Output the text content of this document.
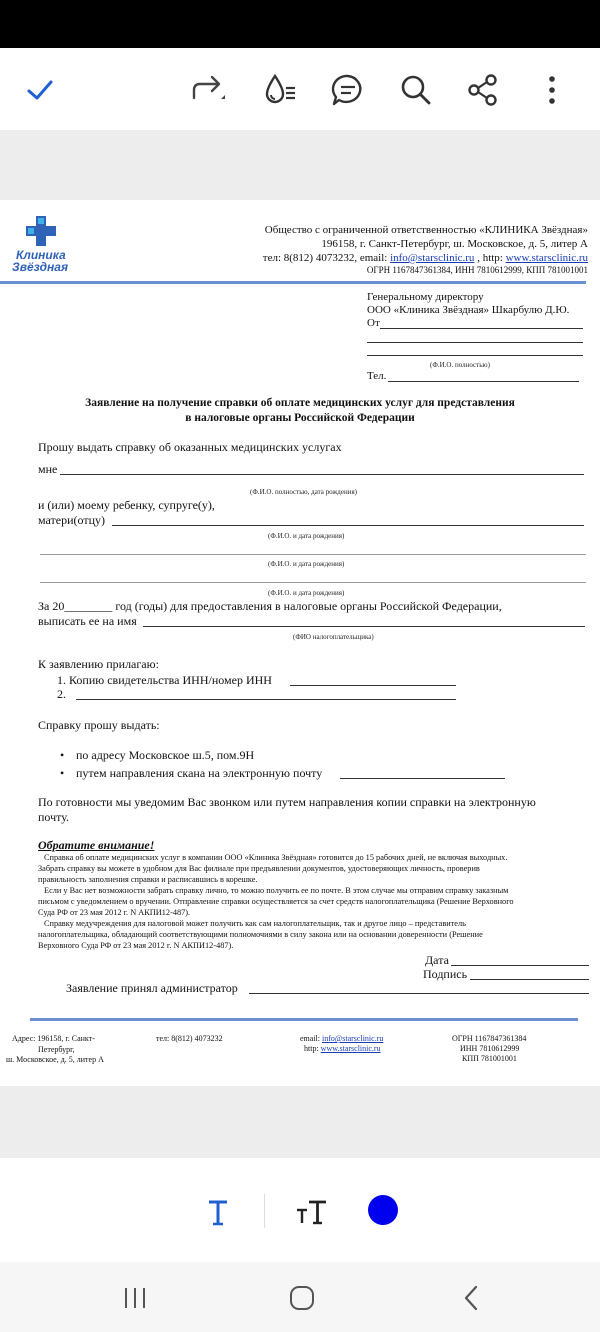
Клиника
Звёздная
Общество с ограниченной ответственностью «КЛИНИКА Звёздная»
196158, г. Санкт-Петербург, ш. Московское, д. 5, литер А
тел: 8(812) 4073232, email: info@starsclinic.ru , http: www.starsclinic.ru
ОГРН 1167847361384, ИНН 7810612999, КПП 781001001
Генеральному директору
ООО «Клиника Звёздная» Шкарбулю Д.Ю.
От
(Ф.И.О. полностью)
Тел.
Заявление на получение справки об оплате медицинских услуг для представления
в налоговые органы Российской Федерации
Прошу выдать справку об оказанных медицинских услугах
мне
(Ф.И.О. полностью, дата рождения)
и (или) моему ребенку, супруге(у),
матери(отцу)
(Ф.И.О. и дата рождения)
(Ф.И.О. и дата рождения)
(Ф.И.О. и дата рождения)
За 20________ год (годы) для предоставления в налоговые органы Российской Федерации,
выписать ее на имя
(ФИО налогоплательщика)
К заявлению прилагаю:
1. Копию свидетельства ИНН/номер ИНН
2.
Справку прошу выдать:
• по адресу Московское ш.5, пом.9Н
• путем направления скана на электронную почту
По готовности мы уведомим Вас звонком или путем направления копии справки на электронную
почту.
Обратите внимание!
Справка об оплате медицинских услуг в компании ООО «Клиника Звёздная» готовится до 15 рабочих дней, не включая выходных.
Забрать справку вы можете в удобном для Вас филиале при предъявлении документов, удостоверяющих личность, проверив
правильность заполнения справки и расписавшись в корешке.
Если у Вас нет возможности забрать справку лично, то можно получить ее по почте. В этом случае мы отправим справку заказным
письмом с уведомлением о вручении. Отправление справки осуществляется за счет средств налогоплательщика (Решение Верховного
Суда РФ от 23 мая 2012 г. N АКПИ12-487).
Справку медучреждения для налоговой может получить как сам налогоплательщик, так и другое лицо – представитель
налогоплательщика, обладающий соответствующими полномочиями в силу закона или на основании доверенности (Решение
Верховного Суда РФ от 23 мая 2012 г. N АКПИ12-487).
Дата
Подпись
Заявление принял администратор
Адрес: 196158, г. Санкт-
Петербург,
ш. Московское, д. 5, литер А
тел: 8(812) 4073232	email: info@starsclinic.ru
http: www.starsclinic.ru
ОГРН 1167847361384
ИНН 7810612999
КПП 781001001
